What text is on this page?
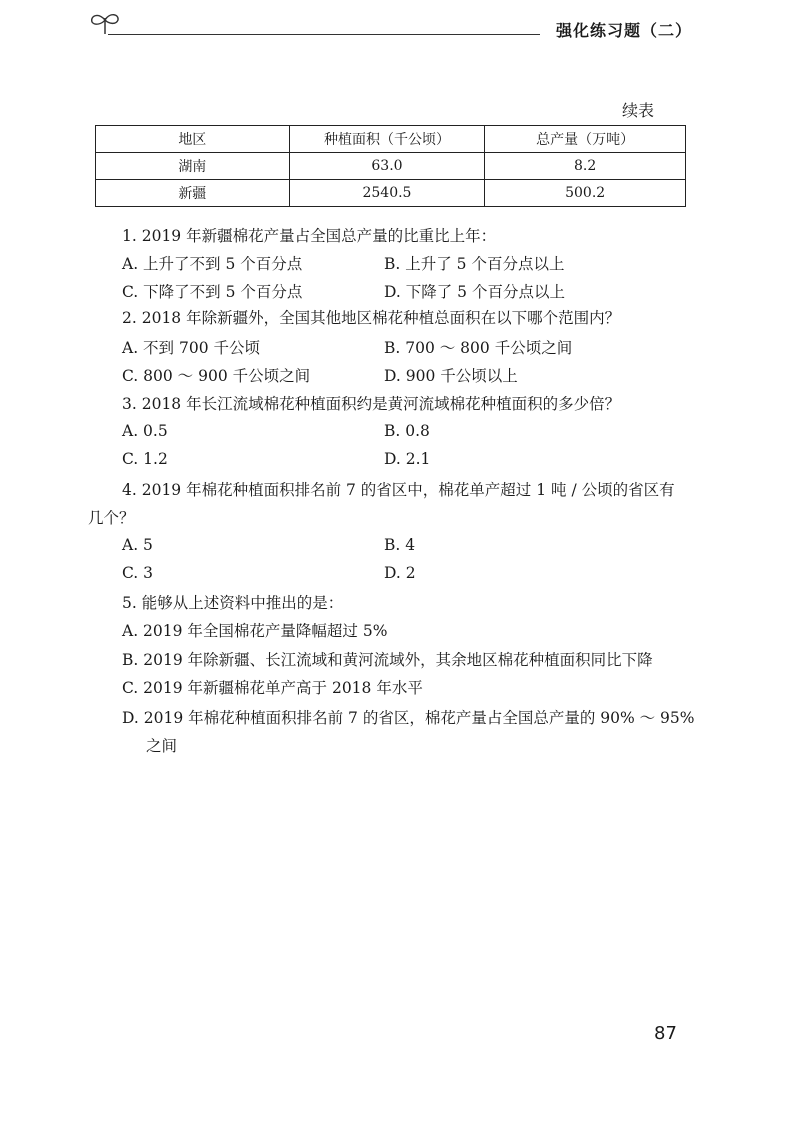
强化练习题（二）
续表
地区	种植面积（千公顷）	总产量（万吨）
湖南	63.0	8.2
新疆	2540.5	500.2
1. 2019 年新疆棉花产量占全国总产量的比重比上年：
A. 上升了不到 5 个百分点	B. 上升了 5 个百分点以上
C. 下降了不到 5 个百分点	D. 下降了 5 个百分点以上
2. 2018 年除新疆外，全国其他地区棉花种植总面积在以下哪个范围内？
A. 不到 700 千公顷	B. 700 ～ 800 千公顷之间
C. 800 ～ 900 千公顷之间	D. 900 千公顷以上
3. 2018 年长江流域棉花种植面积约是黄河流域棉花种植面积的多少倍？
A. 0.5	B. 0.8
C. 1.2	D. 2.1
4. 2019 年棉花种植面积排名前 7 的省区中，棉花单产超过 1 吨 / 公顷的省区有
几个？
A. 5	B. 4
C. 3	D. 2
5. 能够从上述资料中推出的是：
A. 2019 年全国棉花产量降幅超过 5%
B. 2019 年除新疆、长江流域和黄河流域外，其余地区棉花种植面积同比下降
C. 2019 年新疆棉花单产高于 2018 年水平
D. 2019 年棉花种植面积排名前 7 的省区，棉花产量占全国总产量的 90% ～ 95%
之间
87
